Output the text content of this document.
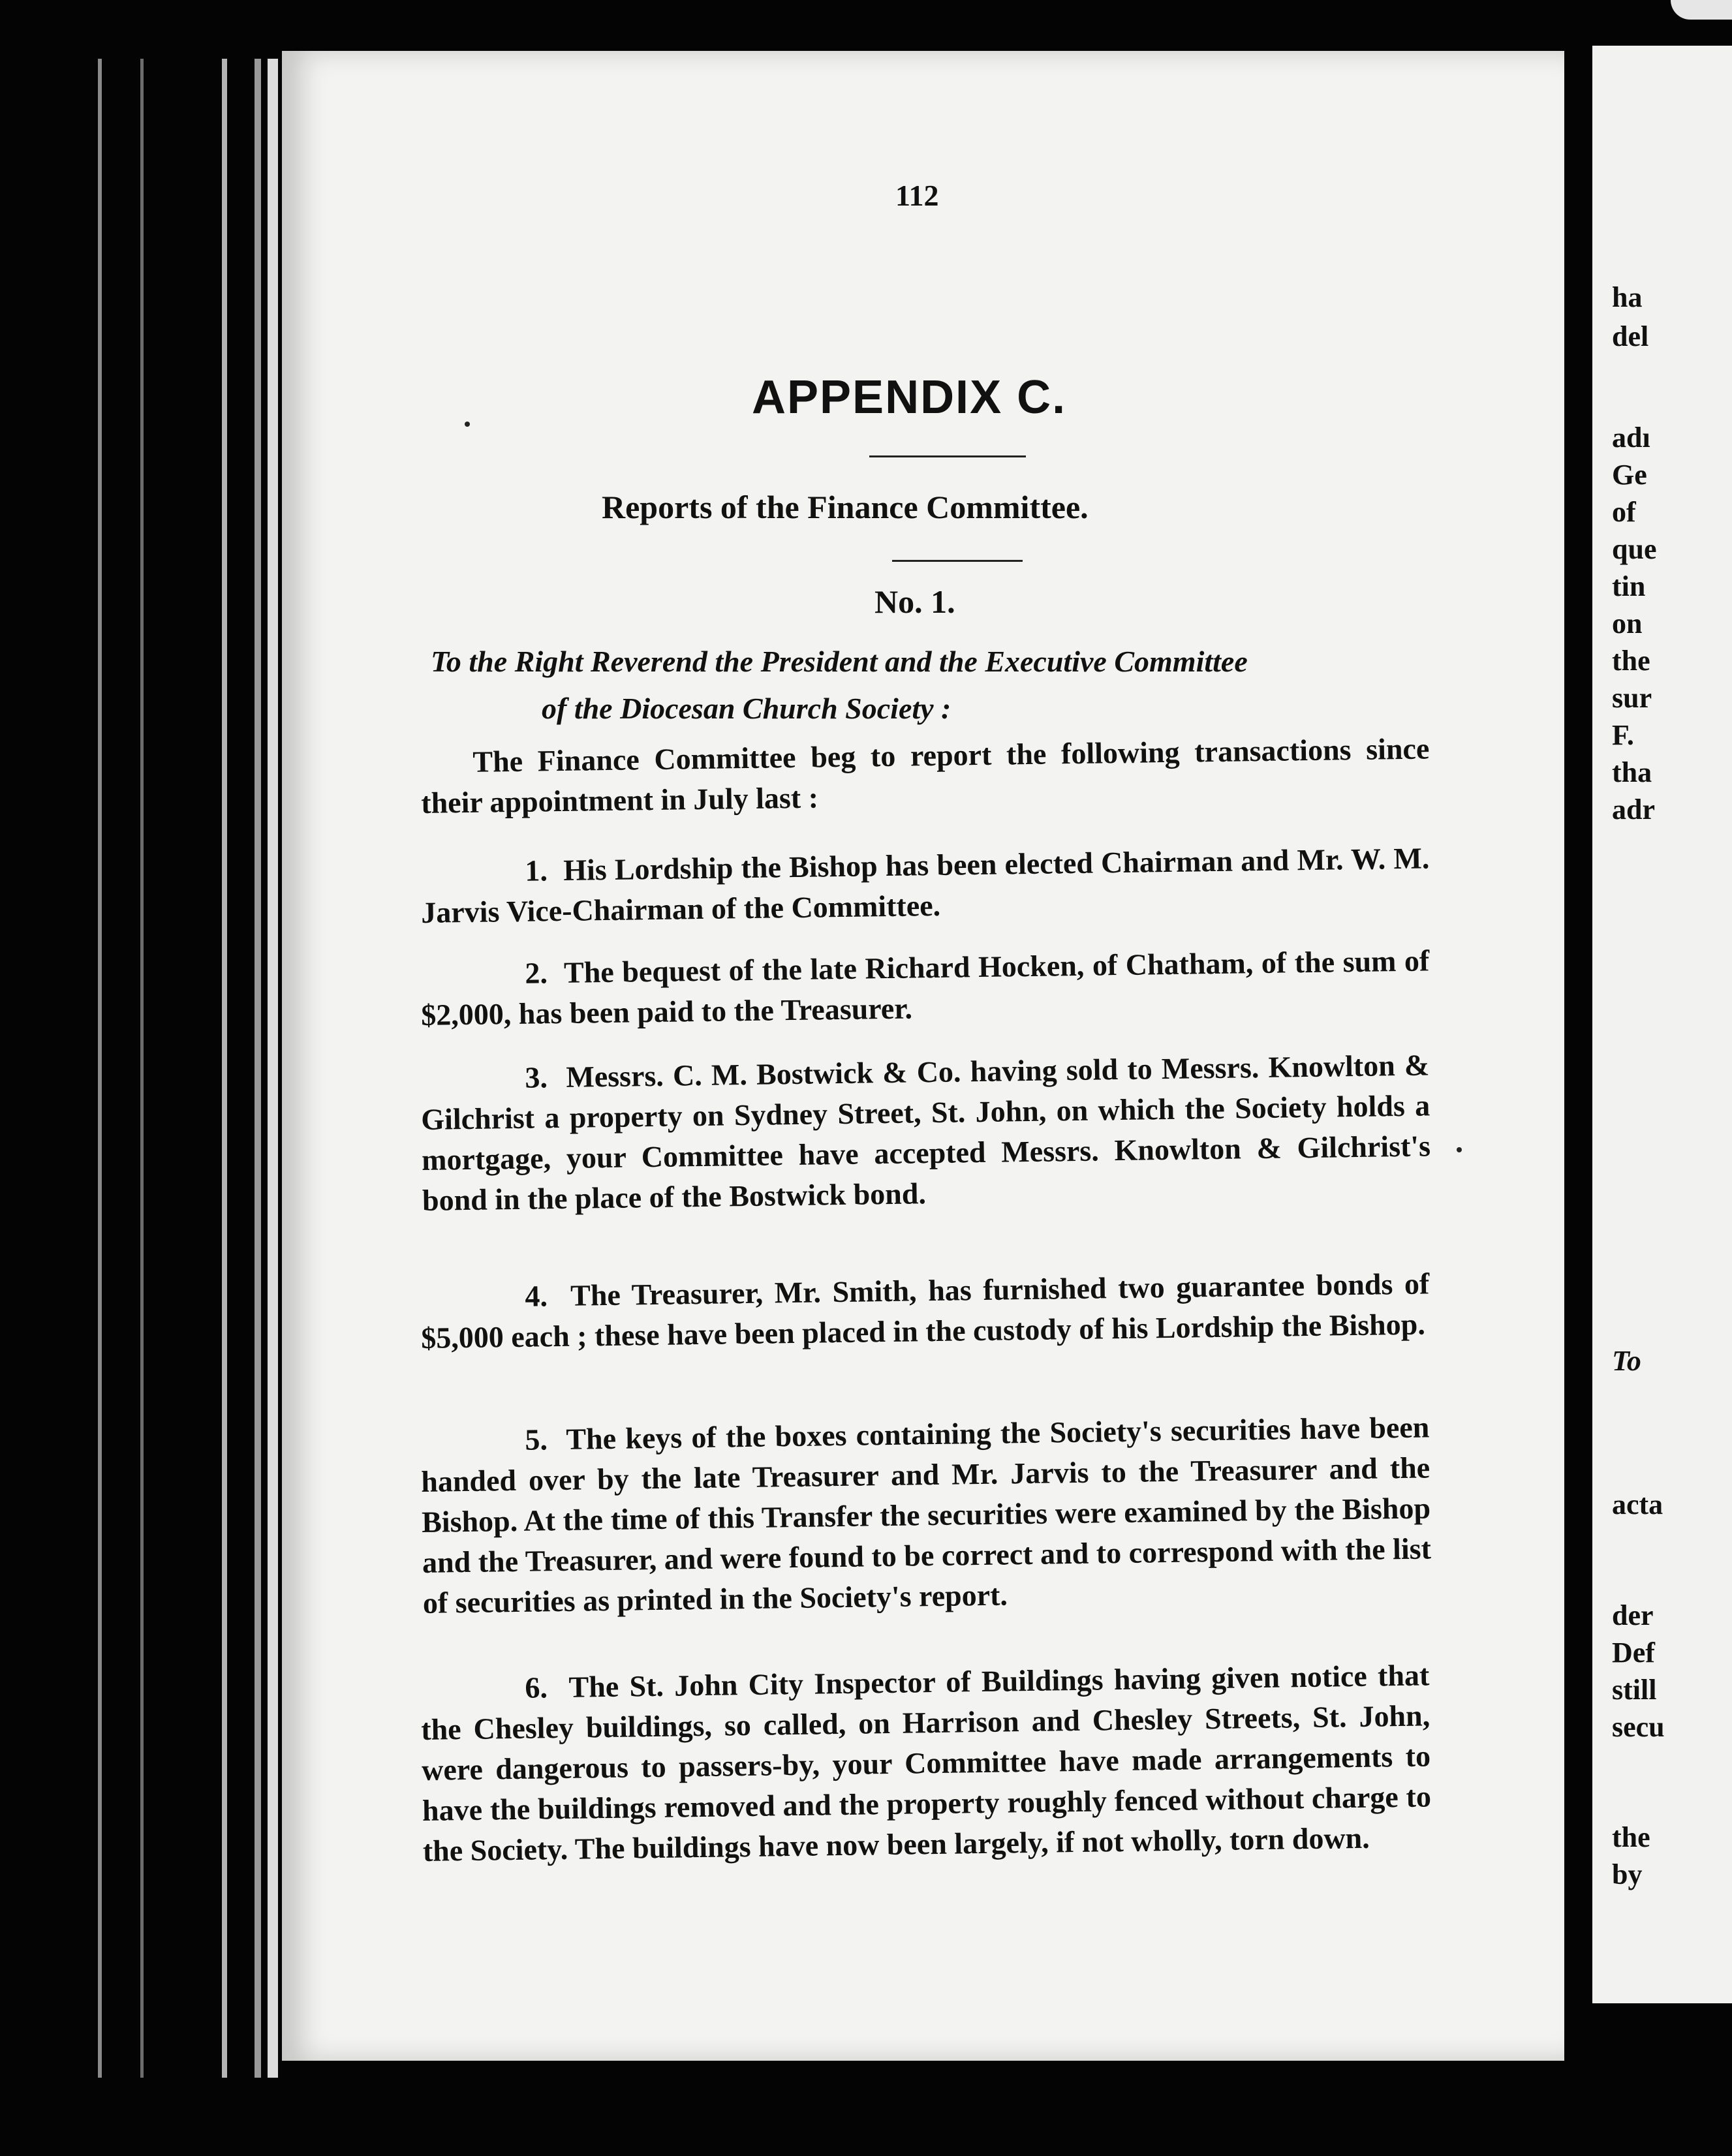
112
APPENDIX C.
Reports of the Finance Committee.
No. 1.
To the Right Reverend the President and the Executive Committee
of the Diocesan Church Society :
The Finance Committee beg to report the following transactions since their appointment in July last :
1. His Lordship the Bishop has been elected Chairman and Mr. W. M. Jarvis Vice-Chairman of the Committee.
2. The bequest of the late Richard Hocken, of Chatham, of the sum of $2,000, has been paid to the Treasurer.
3. Messrs. C. M. Bostwick & Co. having sold to Messrs. Knowlton & Gilchrist a property on Sydney Street, St. John, on which the Society holds a mortgage, your Committee have accepted Messrs. Knowlton & Gilchrist's bond in the place of the Bostwick bond.
4. The Treasurer, Mr. Smith, has furnished two guarantee bonds of $5,000 each ; these have been placed in the custody of his Lordship the Bishop.
5. The keys of the boxes containing the Society's securities have been handed over by the late Treasurer and Mr. Jarvis to the Treasurer and the Bishop. At the time of this Transfer the securities were examined by the Bishop and the Treasurer, and were found to be correct and to correspond with the list of securities as printed in the Society's report.
6. The St. John City Inspector of Buildings having given notice that the Chesley buildings, so called, on Harrison and Chesley Streets, St. John, were dangerous to passers-by, your Committee have made arrangements to have the buildings removed and the property roughly fenced without charge to the Society. The buildings have now been largely, if not wholly, torn down.
ha
del
adı
Ge
of
que
tin
on
the
sur
F.
tha
adr
To
acta
der
Def
still
secu
the
by
